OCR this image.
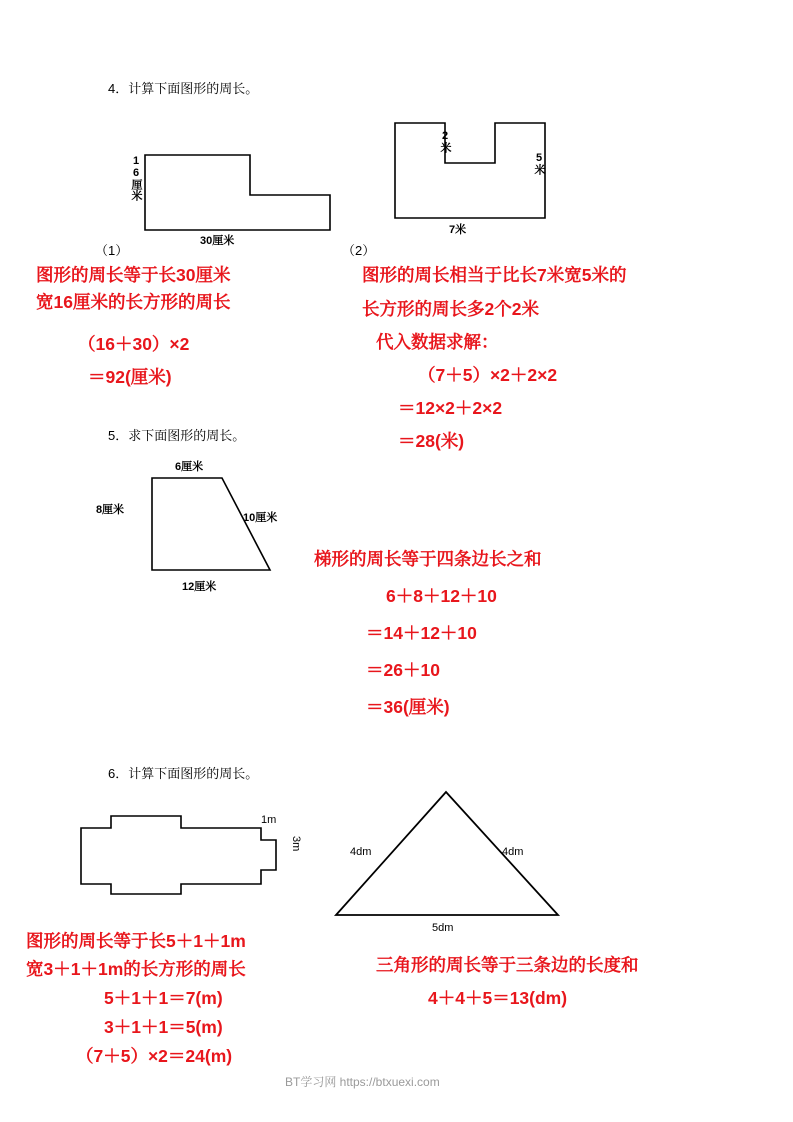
4．计算下面图形的周长。
16厘米
30厘米
2米
5米
7米
（1）	（2）
图形的周长等于长30厘米
宽16厘米的长方形的周长
（16＋30）×2
＝92(厘米)
图形的周长相当于比长7米宽5米的
长方形的周长多2个2米
代入数据求解：
（7＋5）×2＋2×2
＝12×2＋2×2
＝28(米)
5．求下面图形的周长。
6厘米
8厘米
10厘米
12厘米
梯形的周长等于四条边长之和
6＋8＋12＋10
＝14＋12＋10
＝26＋10
＝36(厘米)
6．计算下面图形的周长。
1m
3m
4dm	4dm
5dm
图形的周长等于长5＋1＋1m
宽3＋1＋1m的长方形的周长
5＋1＋1＝7(m)
3＋1＋1＝5(m)
（7＋5）×2＝24(m)
三角形的周长等于三条边的长度和
4＋4＋5＝13(dm)
BT学习网 https://btxuexi.com
